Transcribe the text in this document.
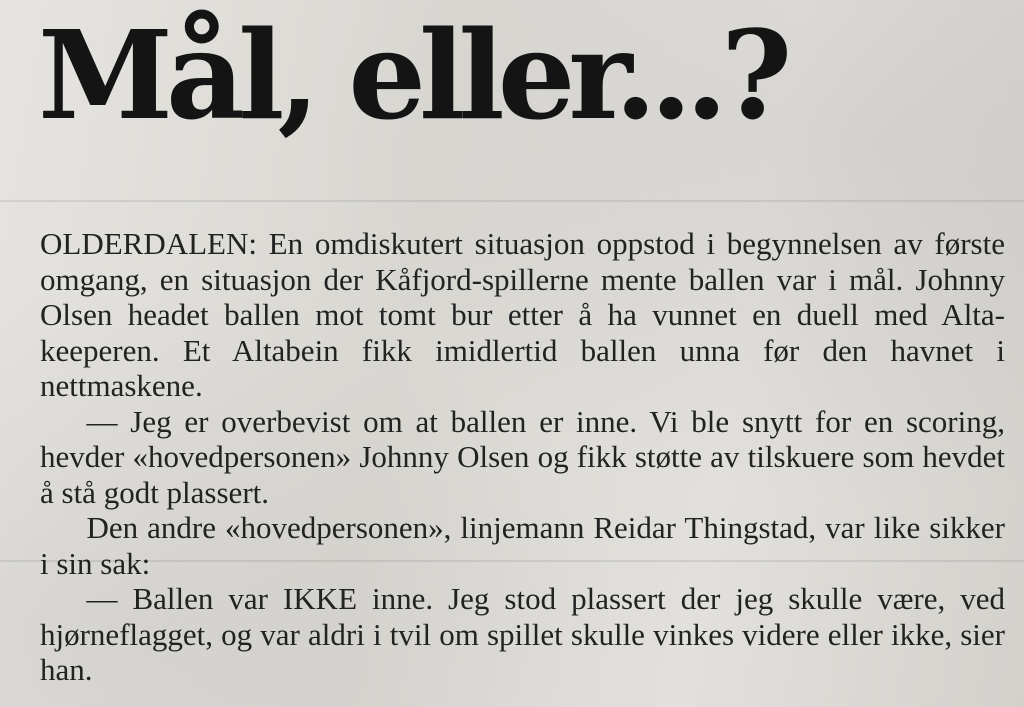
Mål, eller...?

OLDERDALEN: En omdiskutert situasjon oppstod i begynnelsen av første omgang, en situasjon der Kåfjord-spillerne mente ballen var i mål. Johnny Olsen headet ballen mot tomt bur etter å ha vunnet en duell med Alta-keeperen. Et Altabein fikk imidlertid ballen unna før den havnet i nettmaskene.

— Jeg er overbevist om at ballen er inne. Vi ble snytt for en scoring, hevder «hovedpersonen» Johnny Olsen og fikk støtte av tilskuere som hevdet å stå godt plassert.

Den andre «hovedpersonen», linjemann Reidar Thingstad, var like sikker i sin sak:

— Ballen var IKKE inne. Jeg stod plassert der jeg skulle være, ved hjørneflagget, og var aldri i tvil om spillet skulle vinkes videre eller ikke, sier han.
